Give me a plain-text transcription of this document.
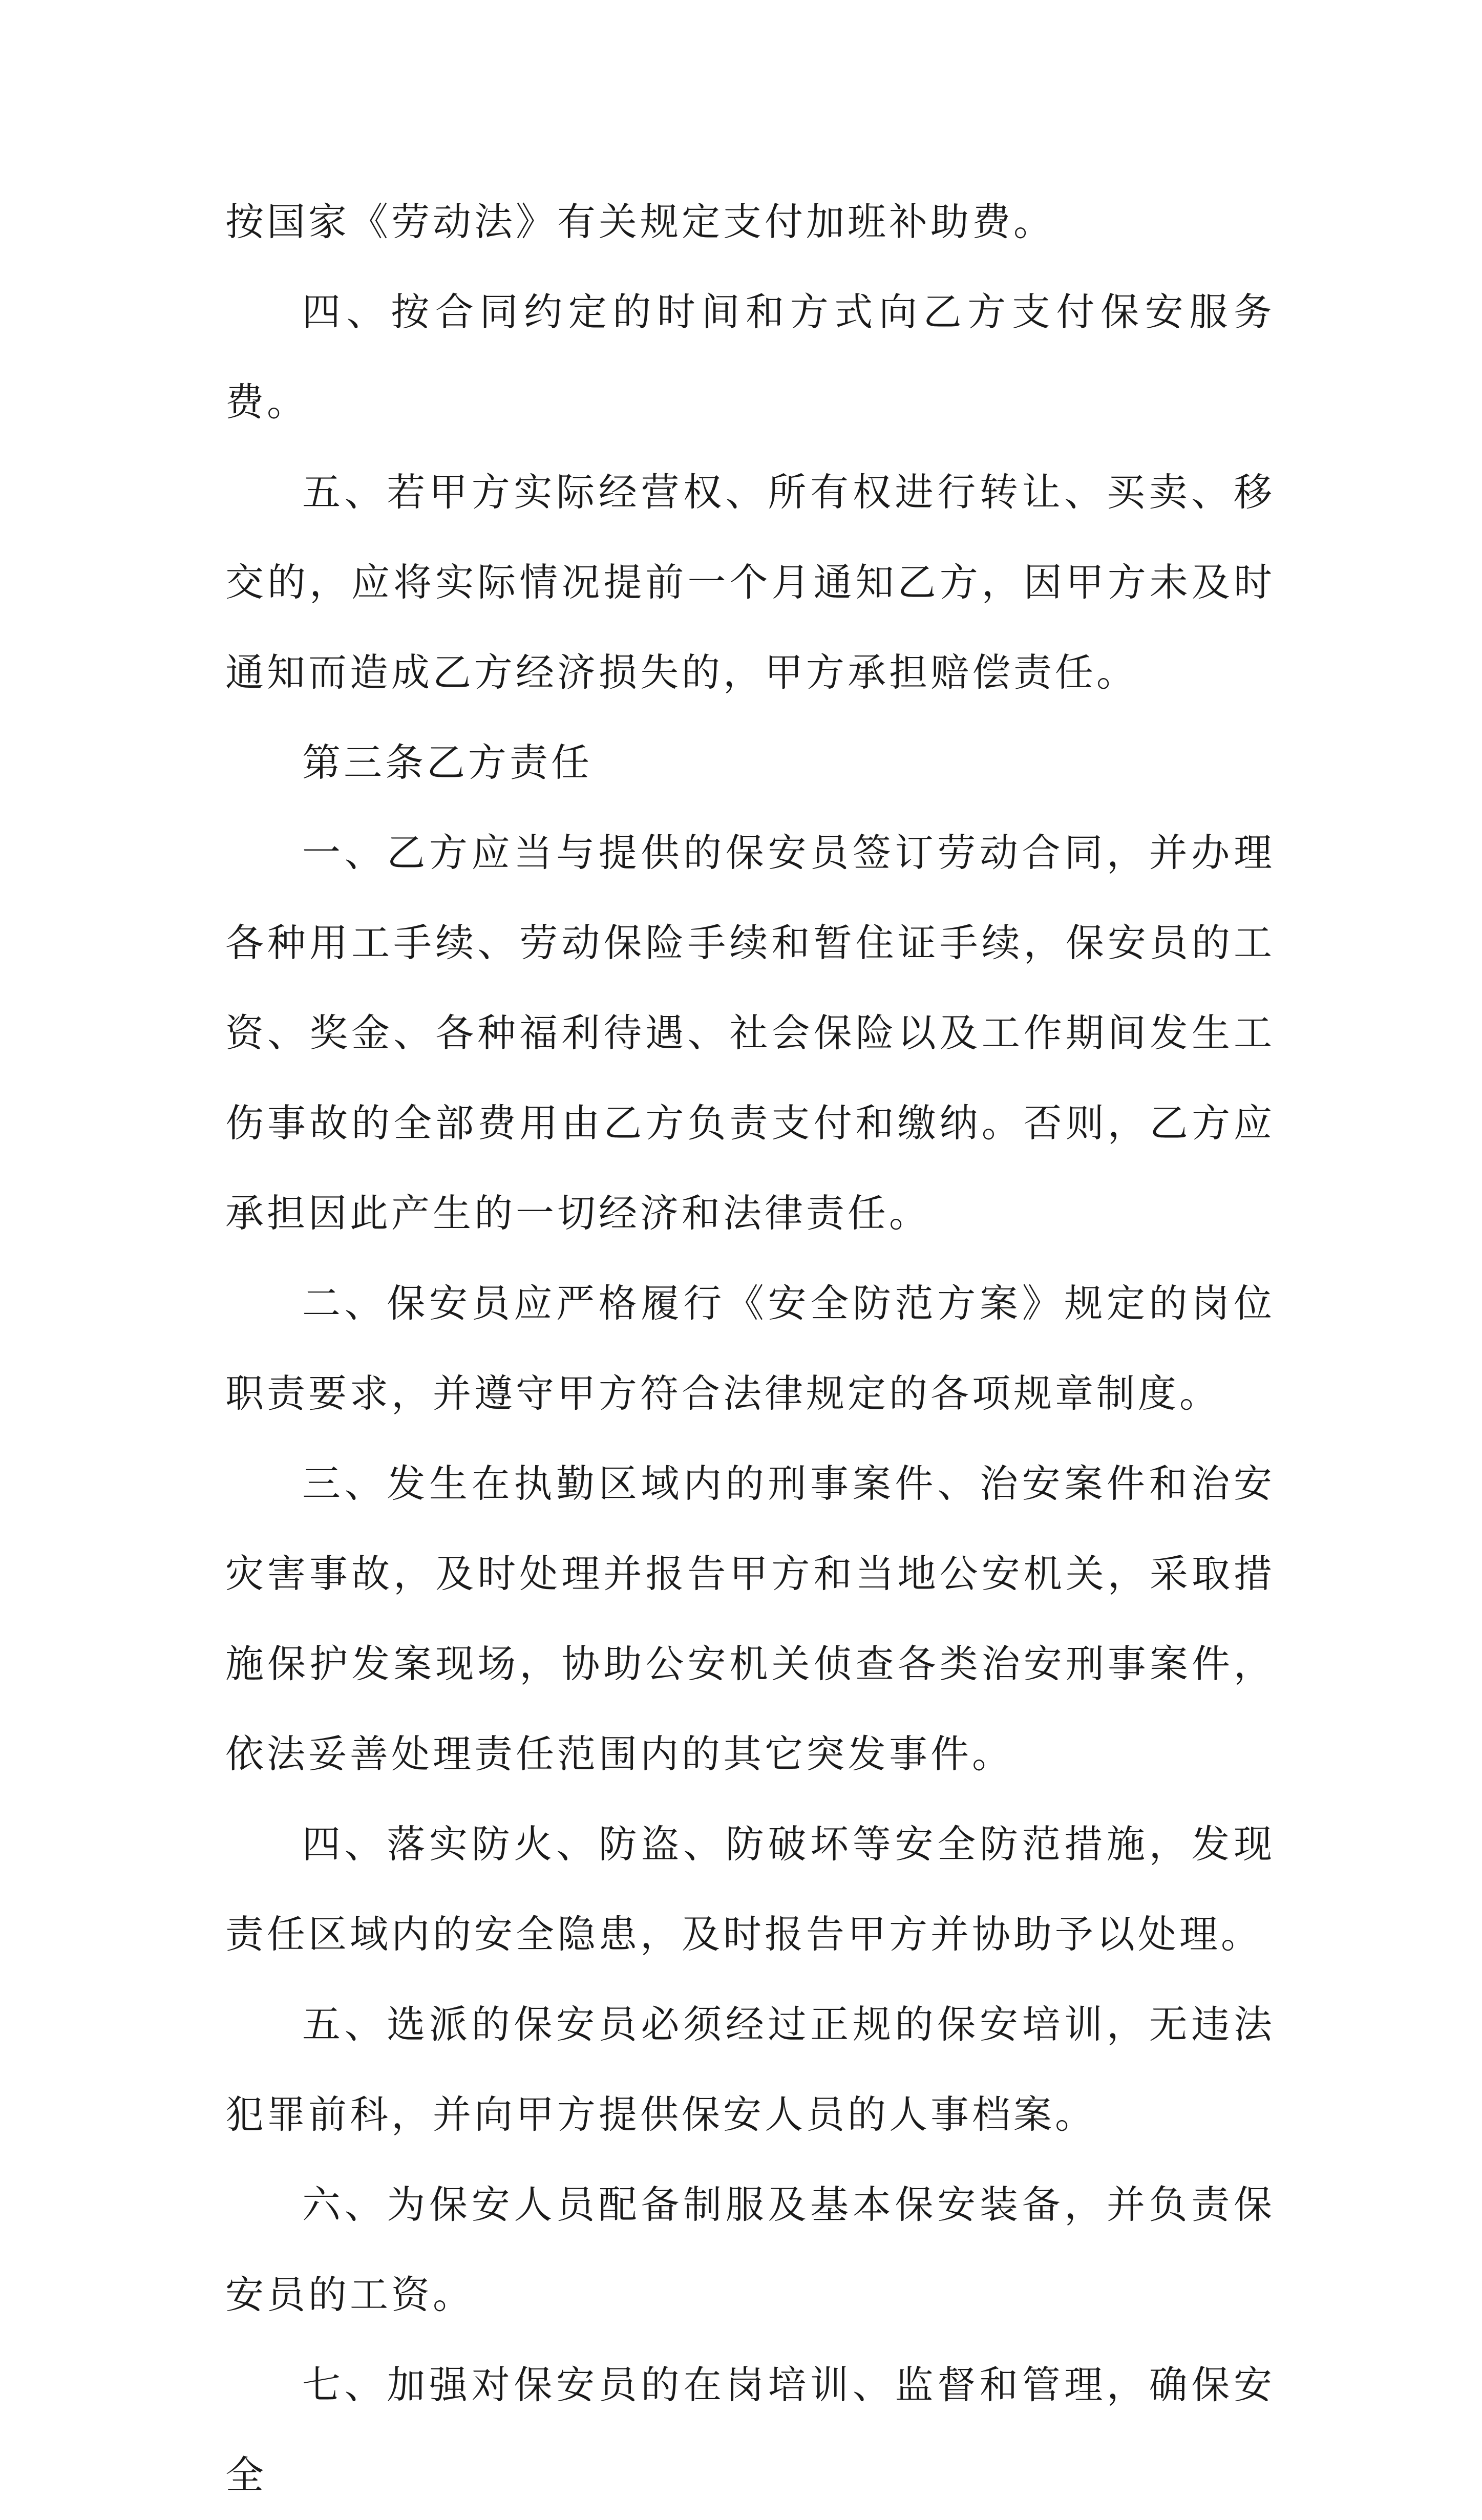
按国家《劳动法》有关规定支付加班补助费。

四、按合同约定的时间和方式向乙方支付保安服务费。

五、若甲方实际经营权、所有权进行转让、买卖、移交的，应将实际情况提前一个月通知乙方，因甲方未及时通知而造成乙方经济损失的，甲方承担赔偿责任。

第三条乙方责任

一、乙方应当与提供的保安员签订劳动合同，并办理各种用工手续、劳动保险手续和暂住证手续，保安员的工资、奖金、各种福利待遇、社会保险以及工作期间发生工伤事故的全部费用由乙方负责支付和缴纳。否则，乙方应承担因此产生的一切经济和法律责任。

二、保安员应严格履行《安全防范方案》规定的岗位职责要求，并遵守甲方符合法律规定的各项规章制度。

三、发生在执勤区域内的刑事案件、治安案件和治安灾害事故，及时处理并报告甲方和当地公安机关，采取措施保护发案现场，协助公安机关侦查各类治安刑事案件，依法妥善处理责任范围内的其它突发事件。

四、落实防火、防盗、防破坏等安全防范措施，发现责任区域内的安全隐患，及时报告甲方并协助予以处理。

五、选派的保安员必须经过正规的保安培训，无违法犯罪前科，并向甲方提供保安人员的人事档案。

六、为保安人员配备制服及基本保安装备，并负责保安员的工资。

七、加强对保安员的在岗培训、监督和管理，确保安全
